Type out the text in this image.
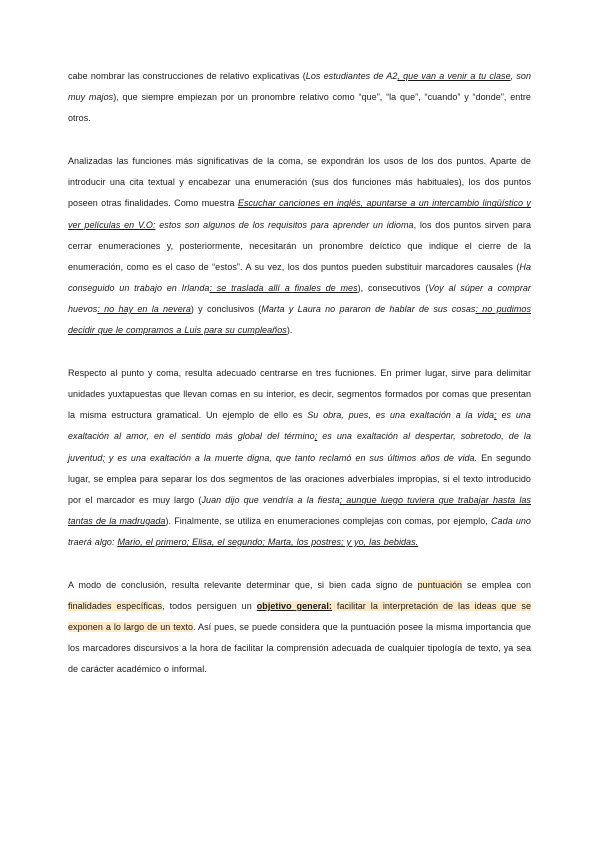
cabe nombrar las construcciones de relativo explicativas (Los estudiantes de A2, que van a venir a tu clase, son muy majos), que siempre empiezan por un pronombre relativo como “que”, “la que”, “cuando” y “donde”, entre otros.

Analizadas las funciones más significativas de la coma, se expondrán los usos de los dos puntos. Aparte de introducir una cita textual y encabezar una enumeración (sus dos funciones más habituales), los dos puntos poseen otras finalidades. Como muestra Escuchar canciones en inglés, apuntarse a un intercambio lingüístico y ver películas en V.O: estos son algunos de los requisitos para aprender un idioma, los dos puntos sirven para cerrar enumeraciones y, posteriormente, necesitarán un pronombre deíctico que indique el cierre de la enumeración, como es el caso de “estos”. A su vez, los dos puntos pueden substituir marcadores causales (Ha conseguido un trabajo en Irlanda: se traslada allí a finales de mes), consecutivos (Voy al súper a comprar huevos: no hay en la nevera) y conclusivos (Marta y Laura no pararon de hablar de sus cosas: no pudimos decidir que le compramos a Luis para su cumpleaños).

Respecto al punto y coma, resulta adecuado centrarse en tres fucniones. En primer lugar, sirve para delimitar unidades yuxtapuestas que llevan comas en su interior, es decir, segmentos formados por comas que presentan la misma estructura gramatical. Un ejemplo de ello es Su obra, pues, es una exaltación a la vida; es una exaltación al amor, en el sentido más global del término; es una exaltación al despertar, sobretodo, de la juventud; y es una exaltación a la muerte digna, que tanto reclamó en sus últimos años de vida. En segundo lugar, se emplea para separar los dos segmentos de las oraciones adverbiales impropias, si el texto introducido por el marcador es muy largo (Juan dijo que vendría a la fiesta; aunque luego tuviera que trabajar hasta las tantas de la madrugada). Finalmente, se utiliza en enumeraciones complejas con comas, por ejemplo, Cada uno traerá algo: Mario, el primero; Elisa, el segundo; Marta, los postres; y yo, las bebidas.

A modo de conclusión, resulta relevante determinar que, si bien cada signo de puntuación se emplea con finalidades específicas, todos persiguen un objetivo general: facilitar la interpretación de las ideas que se exponen a lo largo de un texto. Así pues, se puede considera que la puntuación posee la misma importancia que los marcadores discursivos a la hora de facilitar la comprensión adecuada de cualquier tipología de texto, ya sea de carácter académico o informal.
